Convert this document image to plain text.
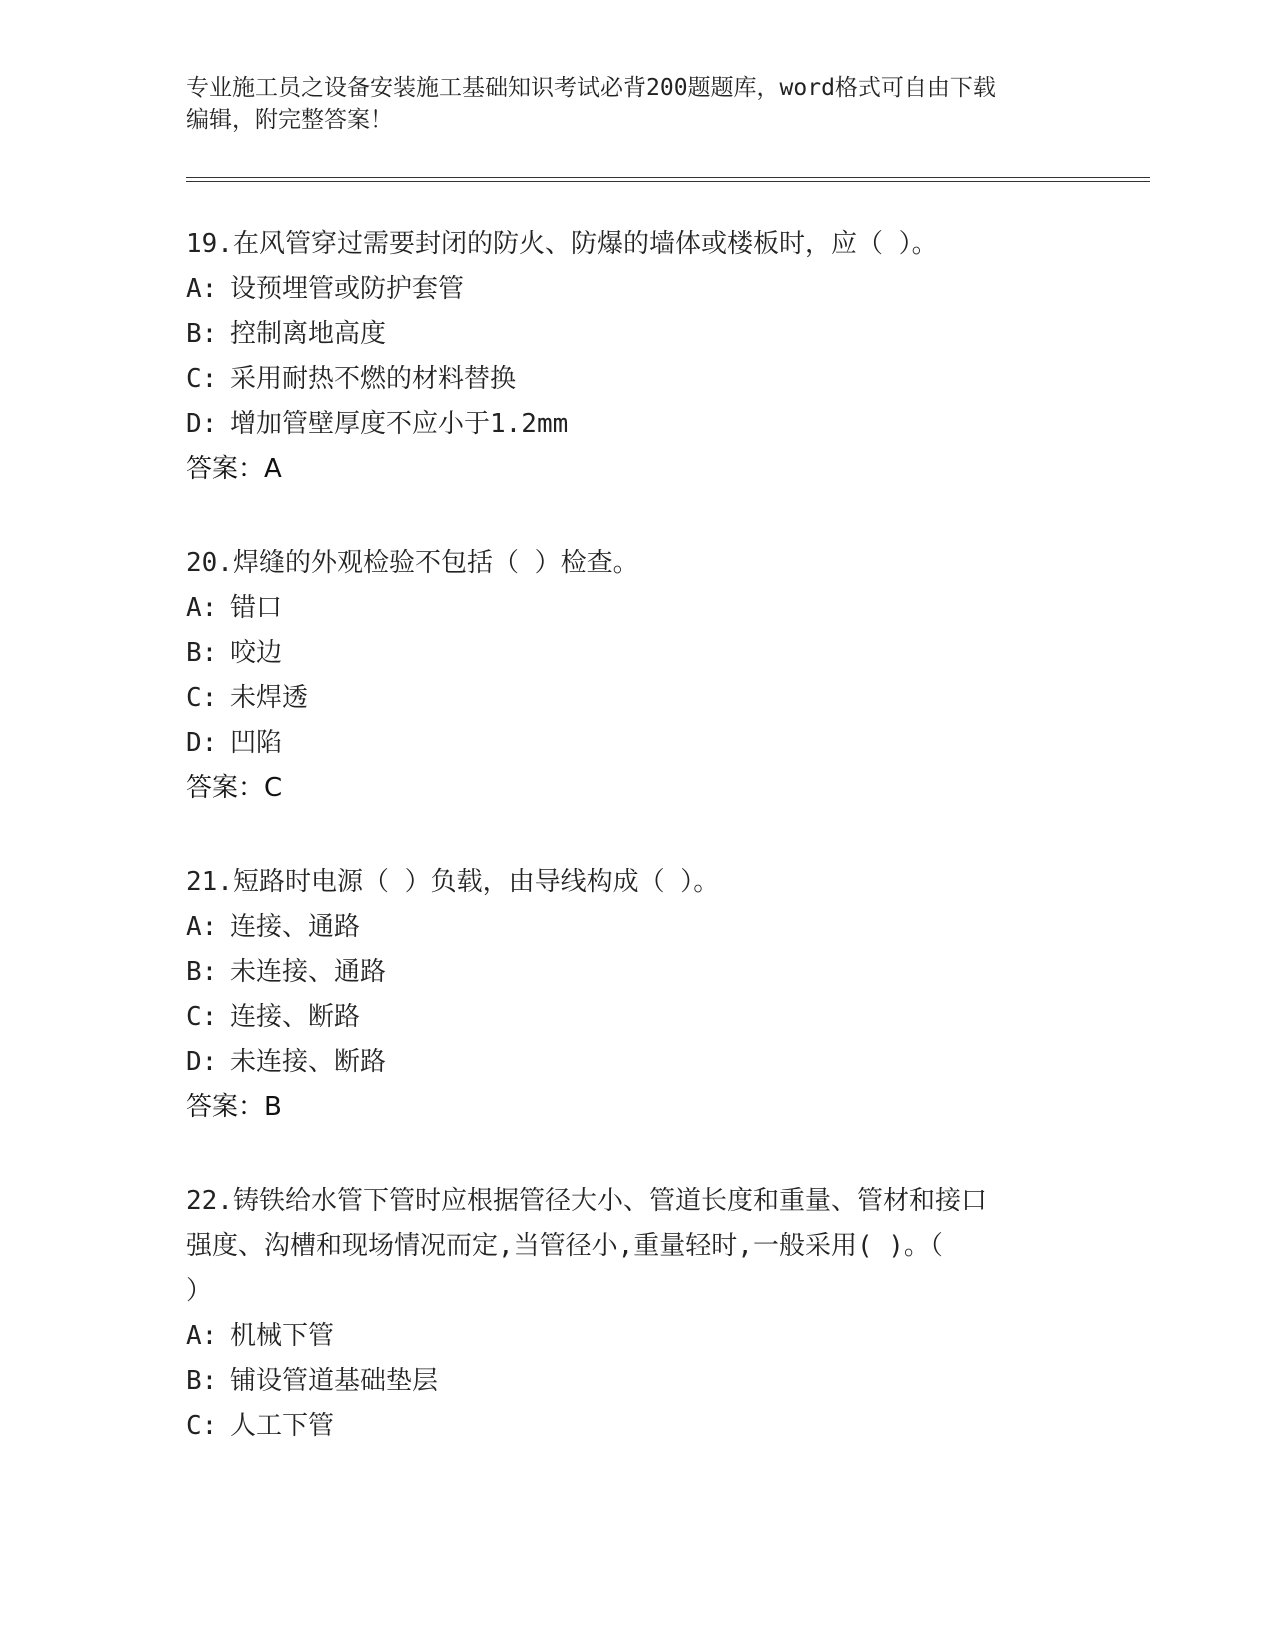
专业施工员之设备安装施工基础知识考试必背200题题库，word格式可自由下载
编辑，附完整答案！
19.在风管穿过需要封闭的防火、防爆的墙体或楼板时，应（ ）。
A: 设预埋管或防护套管
B: 控制离地高度
C: 采用耐热不燃的材料替换
D: 增加管壁厚度不应小于1.2mm
答案：A
20.焊缝的外观检验不包括（ ）检查。
A: 错口
B: 咬边
C: 未焊透
D: 凹陷
答案：C
21.短路时电源（ ）负载，由导线构成（ ）。
A: 连接、通路
B: 未连接、通路
C: 连接、断路
D: 未连接、断路
答案：B
22.铸铁给水管下管时应根据管径大小、管道长度和重量、管材和接口
强度、沟槽和现场情况而定,当管径小,重量轻时,一般采用( )。（
）
A: 机械下管
B: 铺设管道基础垫层
C: 人工下管
